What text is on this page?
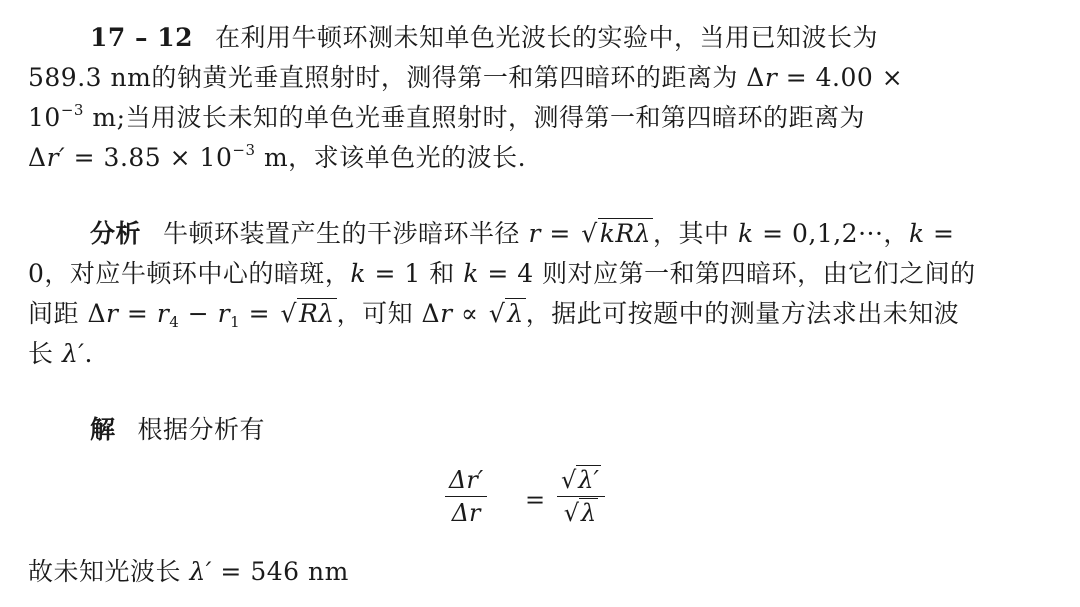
17 – 12 在利用牛顿环测未知单色光波长的实验中，当用已知波长为
589.3 nm的钠黄光垂直照射时，测得第一和第四暗环的距离为 Δr = 4.00 ×
$10^{-3}$ m;当用波长未知的单色光垂直照射时，测得第一和第四暗环的距离为
$\Delta r' = 3.85 \times 10^{-3}$ m，求该单色光的波长.
分析 牛顿环装置产生的干涉暗环半径 r = √kRλ，其中 k = 0,1,2···，k =
0，对应牛顿环中心的暗斑，k = 1 和 k = 4 则对应第一和第四暗环，由它们之间的
间距 $\Delta r = r_4 - r_1 = √R\lambda$，可知 Δr ∝ √λ，据此可按题中的测量方法求出未知波
长 λ′.
解 根据分析有
$\frac{\Delta r'}{\Delta r} = \frac{√\lambda'}{√\lambda}$
故未知光波长 λ′ = 546 nm
